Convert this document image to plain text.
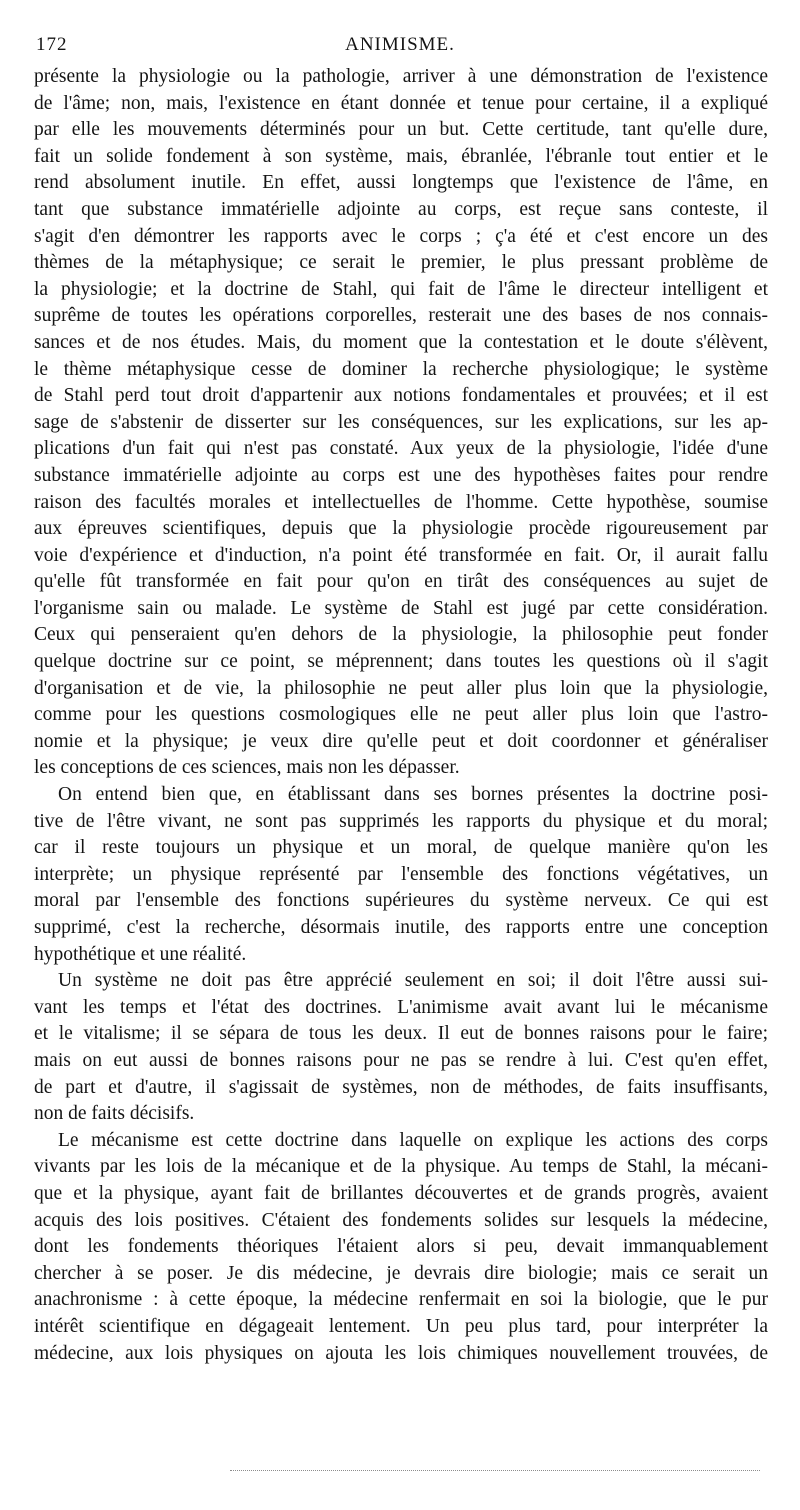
172	ANIMISME.
présente la physiologie ou la pathologie, arriver à une démonstration de l'existence
de l'âme; non, mais, l'existence en étant donnée et tenue pour certaine, il a expliqué
par elle les mouvements déterminés pour un but. Cette certitude, tant qu'elle dure,
fait un solide fondement à son système, mais, ébranlée, l'ébranle tout entier et le
rend absolument inutile. En effet, aussi longtemps que l'existence de l'âme, en
tant que substance immatérielle adjointe au corps, est reçue sans conteste, il
s'agit d'en démontrer les rapports avec le corps ; ç'a été et c'est encore un des
thèmes de la métaphysique; ce serait le premier, le plus pressant problème de
la physiologie; et la doctrine de Stahl, qui fait de l'âme le directeur intelligent et
suprême de toutes les opérations corporelles, resterait une des bases de nos connais-
sances et de nos études. Mais, du moment que la contestation et le doute s'élèvent,
le thème métaphysique cesse de dominer la recherche physiologique; le système
de Stahl perd tout droit d'appartenir aux notions fondamentales et prouvées; et il est
sage de s'abstenir de disserter sur les conséquences, sur les explications, sur les ap-
plications d'un fait qui n'est pas constaté. Aux yeux de la physiologie, l'idée d'une
substance immatérielle adjointe au corps est une des hypothèses faites pour rendre
raison des facultés morales et intellectuelles de l'homme. Cette hypothèse, soumise
aux épreuves scientifiques, depuis que la physiologie procède rigoureusement par
voie d'expérience et d'induction, n'a point été transformée en fait. Or, il aurait fallu
qu'elle fût transformée en fait pour qu'on en tirât des conséquences au sujet de
l'organisme sain ou malade. Le système de Stahl est jugé par cette considération.
Ceux qui penseraient qu'en dehors de la physiologie, la philosophie peut fonder
quelque doctrine sur ce point, se méprennent; dans toutes les questions où il s'agit
d'organisation et de vie, la philosophie ne peut aller plus loin que la physiologie,
comme pour les questions cosmologiques elle ne peut aller plus loin que l'astro-
nomie et la physique; je veux dire qu'elle peut et doit coordonner et généraliser
les conceptions de ces sciences, mais non les dépasser.
On entend bien que, en établissant dans ses bornes présentes la doctrine posi-
tive de l'être vivant, ne sont pas supprimés les rapports du physique et du moral;
car il reste toujours un physique et un moral, de quelque manière qu'on les
interprète; un physique représenté par l'ensemble des fonctions végétatives, un
moral par l'ensemble des fonctions supérieures du système nerveux. Ce qui est
supprimé, c'est la recherche, désormais inutile, des rapports entre une conception
hypothétique et une réalité.
Un système ne doit pas être apprécié seulement en soi; il doit l'être aussi sui-
vant les temps et l'état des doctrines. L'animisme avait avant lui le mécanisme
et le vitalisme; il se sépara de tous les deux. Il eut de bonnes raisons pour le faire;
mais on eut aussi de bonnes raisons pour ne pas se rendre à lui. C'est qu'en effet,
de part et d'autre, il s'agissait de systèmes, non de méthodes, de faits insuffisants,
non de faits décisifs.
Le mécanisme est cette doctrine dans laquelle on explique les actions des corps
vivants par les lois de la mécanique et de la physique. Au temps de Stahl, la mécani-
que et la physique, ayant fait de brillantes découvertes et de grands progrès, avaient
acquis des lois positives. C'étaient des fondements solides sur lesquels la médecine,
dont les fondements théoriques l'étaient alors si peu, devait immanquablement
chercher à se poser. Je dis médecine, je devrais dire biologie; mais ce serait un
anachronisme : à cette époque, la médecine renfermait en soi la biologie, que le pur
intérêt scientifique en dégageait lentement. Un peu plus tard, pour interpréter la
médecine, aux lois physiques on ajouta les lois chimiques nouvellement trouvées, de
